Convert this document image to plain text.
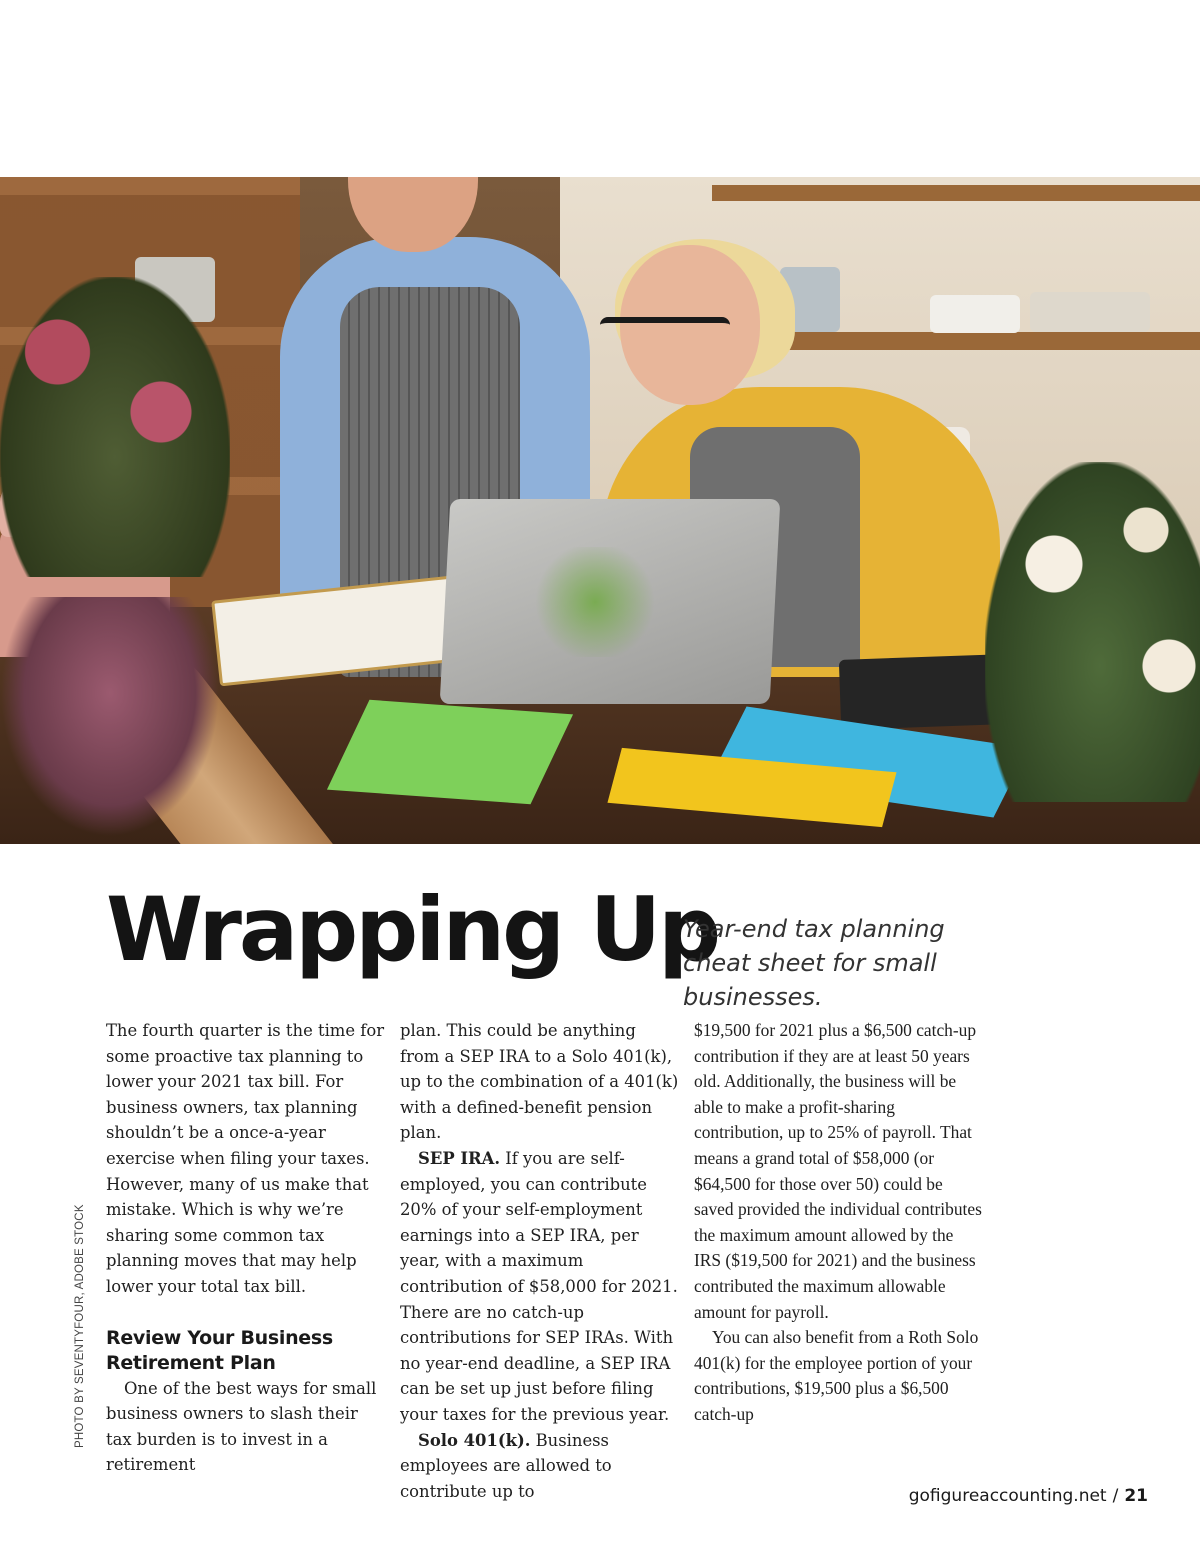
Wrapping Up

Year-end tax planning cheat sheet for small businesses.

PHOTO BY SEVENTYFOUR, ADOBE STOCK

The fourth quarter is the time for some proactive tax planning to lower your 2021 tax bill. For business owners, tax planning shouldn’t be a once-a-year exercise when filing your taxes. However, many of us make that mistake. Which is why we’re sharing some common tax planning moves that may help lower your total tax bill.

Review Your Business Retirement Plan

One of the best ways for small business owners to slash their tax burden is to invest in a retirement

plan. This could be anything from a SEP IRA to a Solo 401(k), up to the combination of a 401(k) with a defined-benefit pension plan.

SEP IRA. If you are self-employed, you can contribute 20% of your self-employment earnings into a SEP IRA, per year, with a maximum contribution of $58,000 for 2021. There are no catch-up contributions for SEP IRAs. With no year-end deadline, a SEP IRA can be set up just before filing your taxes for the previous year.

Solo 401(k). Business employees are allowed to contribute up to

$19,500 for 2021 plus a $6,500 catch-up contribution if they are at least 50 years old. Additionally, the business will be able to make a profit-sharing contribution, up to 25% of payroll. That means a grand total of $58,000 (or $64,500 for those over 50) could be saved provided the individual contributes the maximum amount allowed by the IRS ($19,500 for 2021) and the business contributed the maximum allowable amount for payroll.

You can also benefit from a Roth Solo 401(k) for the employee portion of your contributions, $19,500 plus a $6,500 catch-up

gofigureaccounting.net / 21
